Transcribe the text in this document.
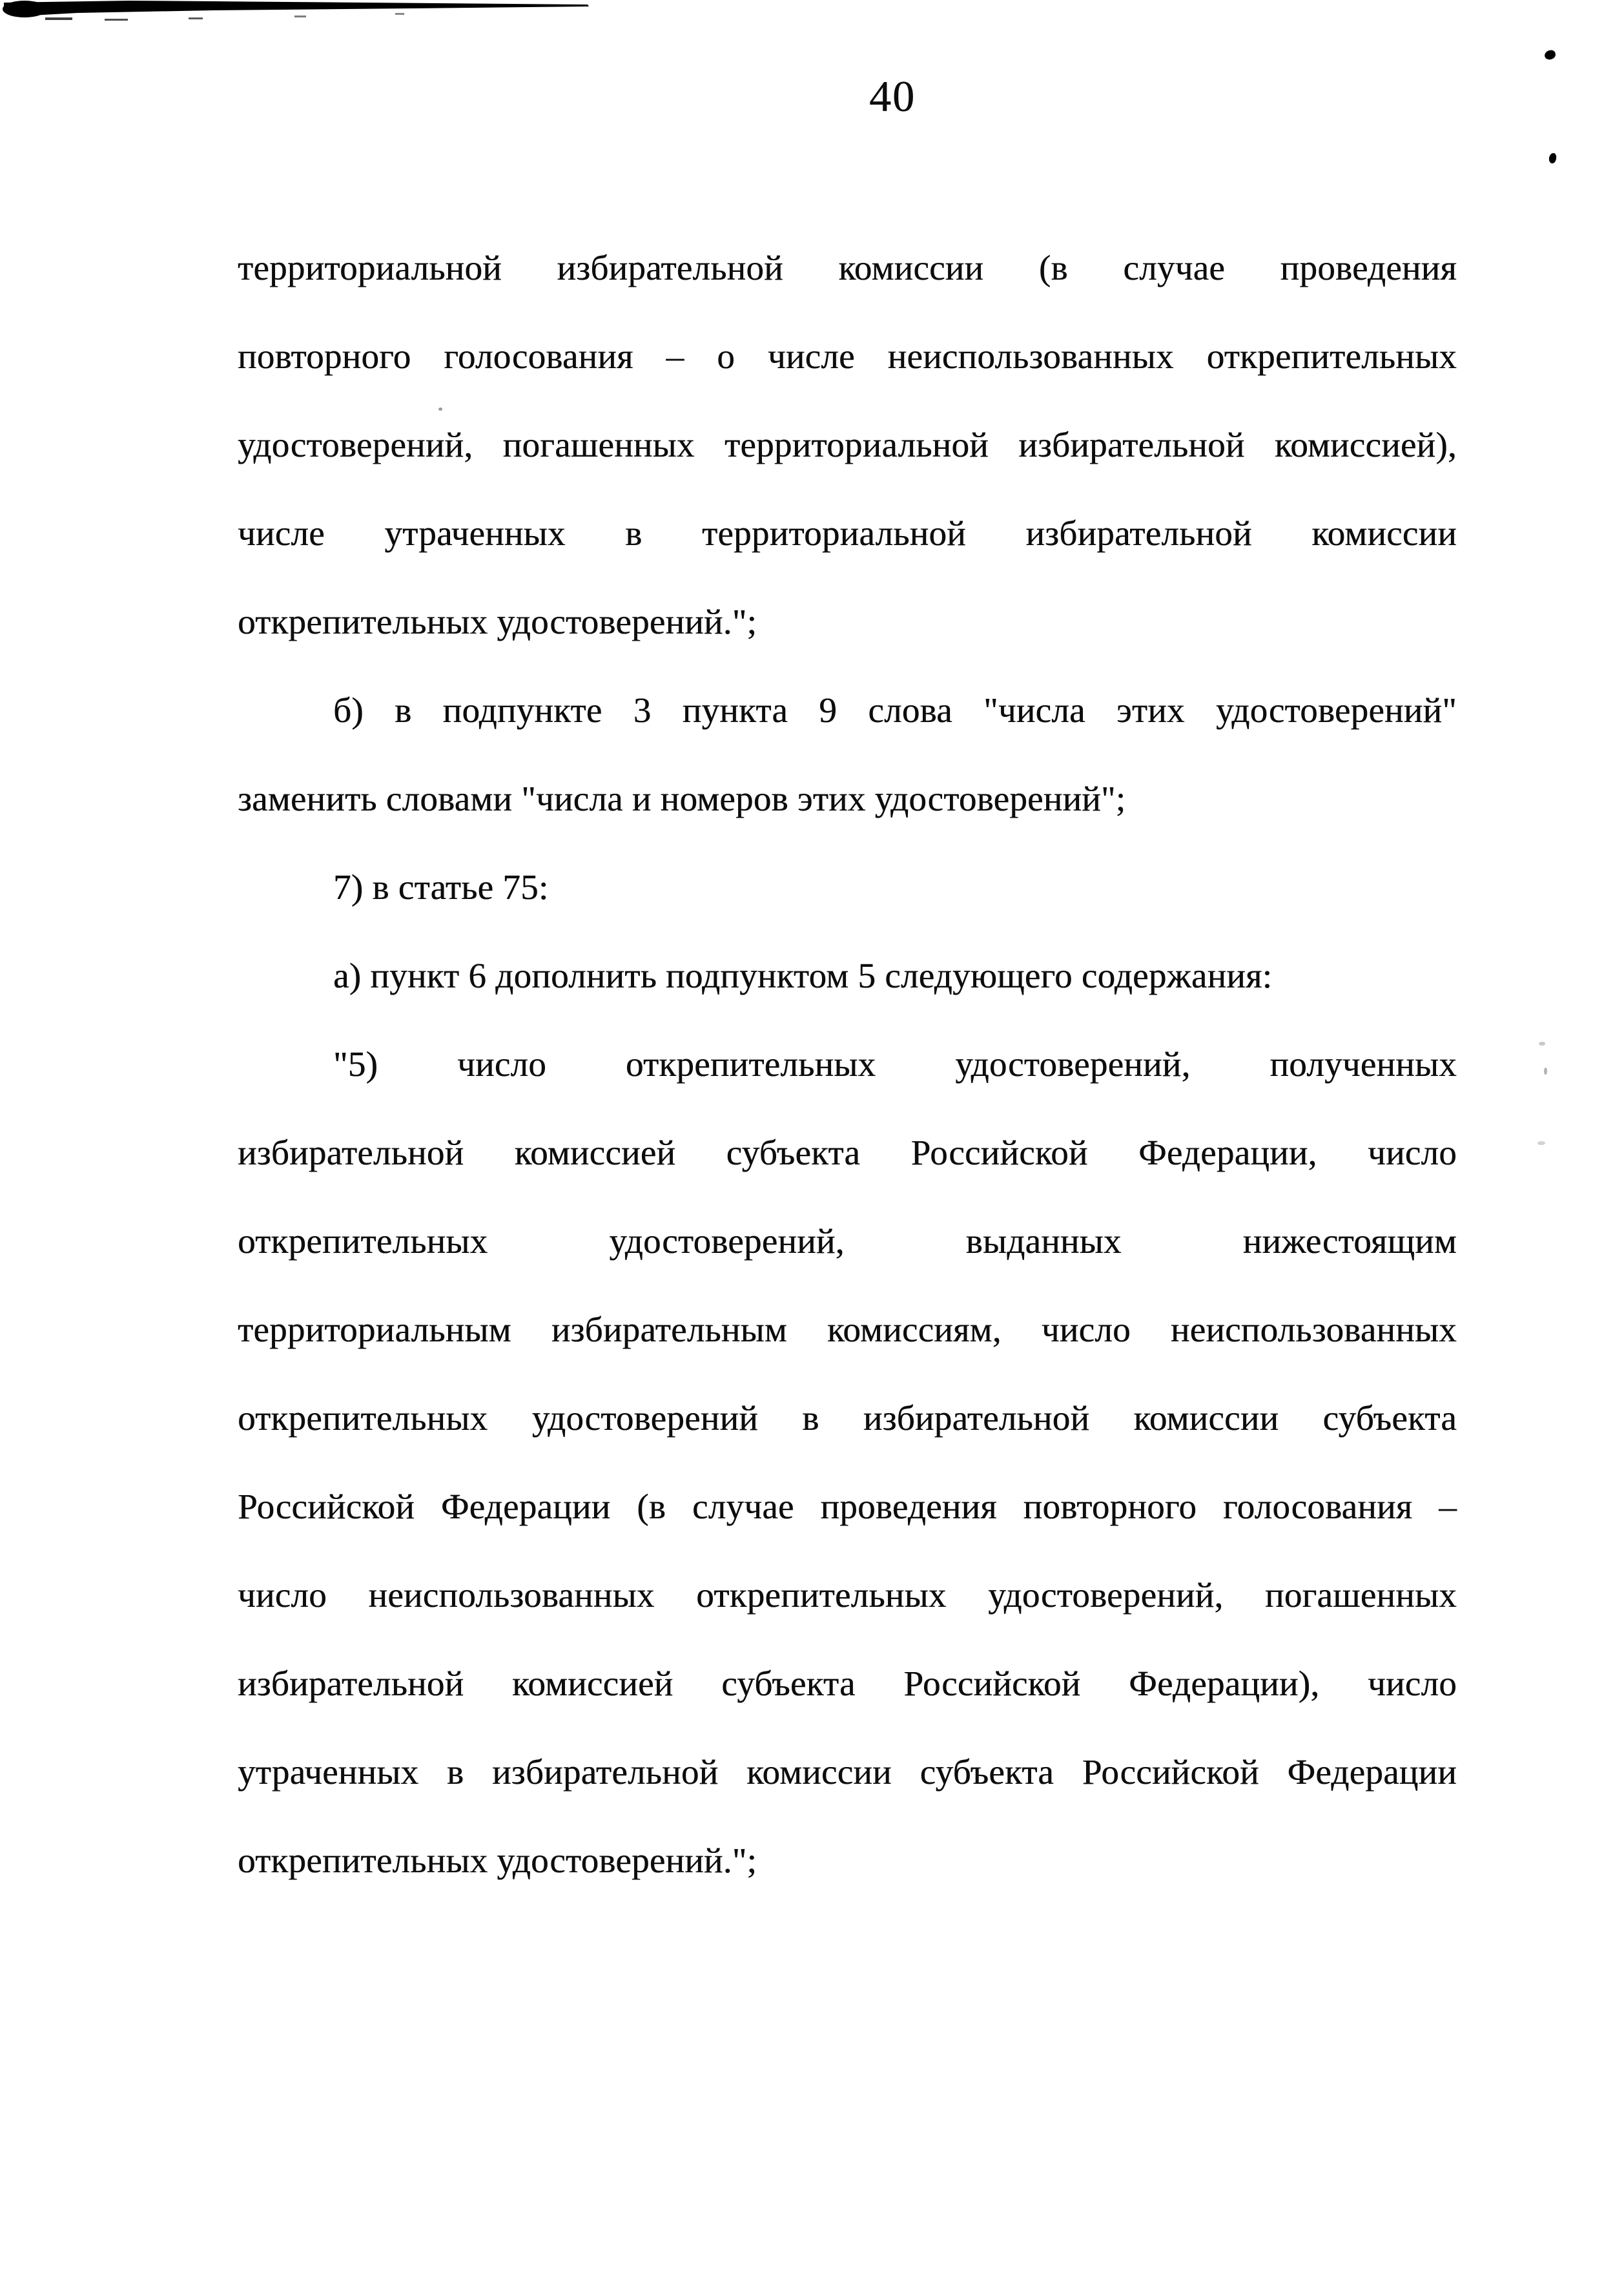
40
территориальной избирательной комиссии (в случае проведения
повторного голосования – о числе неиспользованных открепительных
удостоверений, погашенных территориальной избирательной комиссией),
числе утраченных в территориальной избирательной комиссии
открепительных удостоверений.";
б) в подпункте 3 пункта 9 слова "числа этих удостоверений"
заменить словами "числа и номеров этих удостоверений";
7) в статье 75:
а) пункт 6 дополнить подпунктом 5 следующего содержания:
"5) число открепительных удостоверений, полученных
избирательной комиссией субъекта Российской Федерации, число
открепительных удостоверений, выданных нижестоящим
территориальным избирательным комиссиям, число неиспользованных
открепительных удостоверений в избирательной комиссии субъекта
Российской Федерации (в случае проведения повторного голосования –
число неиспользованных открепительных удостоверений, погашенных
избирательной комиссией субъекта Российской Федерации), число
утраченных в избирательной комиссии субъекта Российской Федерации
открепительных удостоверений.";
